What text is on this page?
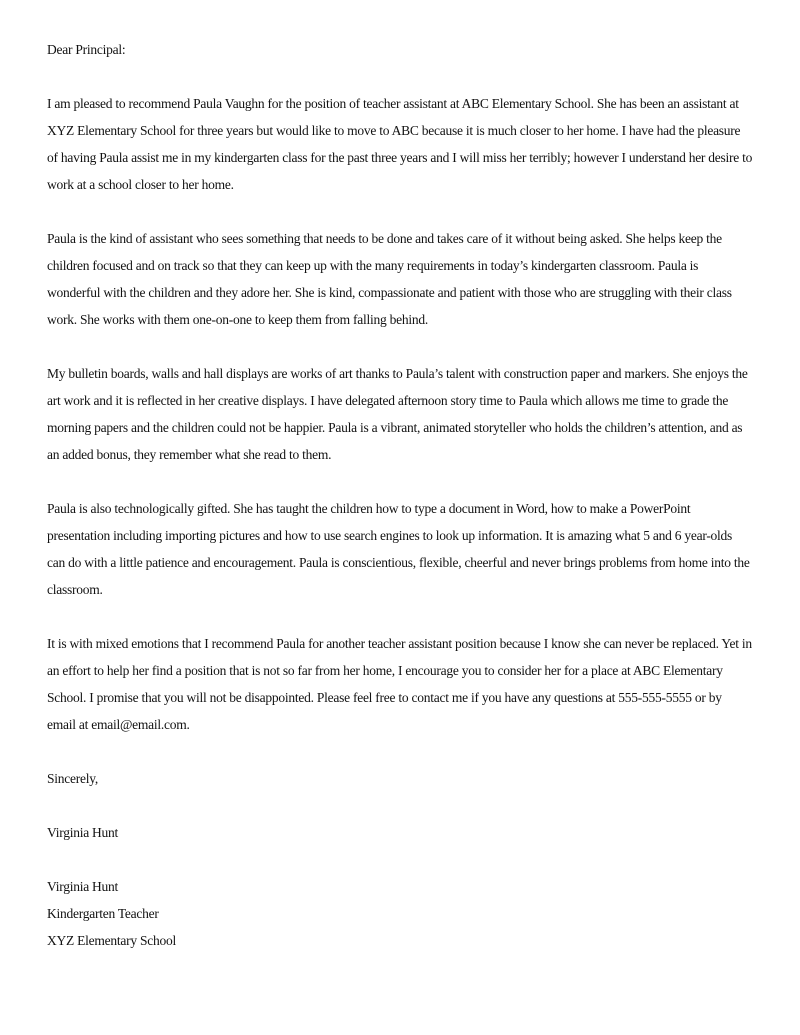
Dear Principal:

I am pleased to recommend Paula Vaughn for the position of teacher assistant at ABC Elementary School. She has been an assistant at XYZ Elementary School for three years but would like to move to ABC because it is much closer to her home. I have had the pleasure of having Paula assist me in my kindergarten class for the past three years and I will miss her terribly; however I understand her desire to work at a school closer to her home.

Paula is the kind of assistant who sees something that needs to be done and takes care of it without being asked. She helps keep the children focused and on track so that they can keep up with the many requirements in today’s kindergarten classroom. Paula is wonderful with the children and they adore her. She is kind, compassionate and patient with those who are struggling with their class work. She works with them one-on-one to keep them from falling behind.

My bulletin boards, walls and hall displays are works of art thanks to Paula’s talent with construction paper and markers. She enjoys the art work and it is reflected in her creative displays. I have delegated afternoon story time to Paula which allows me time to grade the morning papers and the children could not be happier. Paula is a vibrant, animated storyteller who holds the children’s attention, and as an added bonus, they remember what she read to them.

Paula is also technologically gifted. She has taught the children how to type a document in Word, how to make a PowerPoint presentation including importing pictures and how to use search engines to look up information. It is amazing what 5 and 6 year-olds can do with a little patience and encouragement. Paula is conscientious, flexible, cheerful and never brings problems from home into the classroom.

It is with mixed emotions that I recommend Paula for another teacher assistant position because I know she can never be replaced. Yet in an effort to help her find a position that is not so far from her home, I encourage you to consider her for a place at ABC Elementary School. I promise that you will not be disappointed. Please feel free to contact me if you have any questions at 555-555-5555 or by email at email@email.com.

Sincerely,

Virginia Hunt

Virginia Hunt
Kindergarten Teacher
XYZ Elementary School
